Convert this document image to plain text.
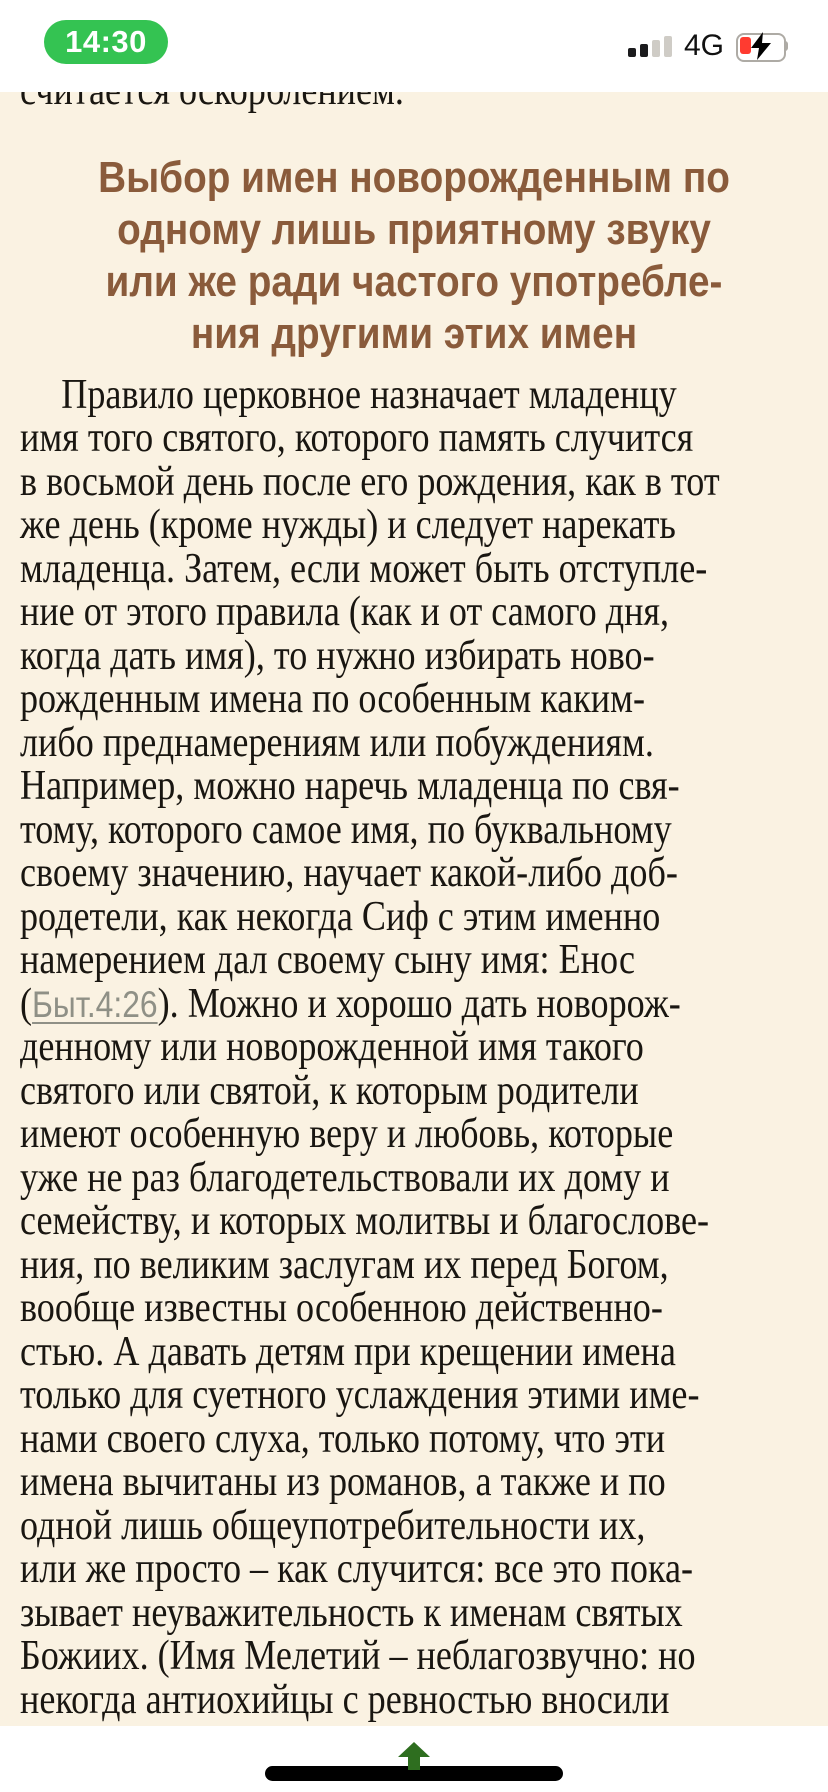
14:30	4G
Выбор имен новорожденным по
одному лишь приятному звуку
или же ради частого употребле-
ния другими этих имен
Правило церковное назначает младенцу
имя того святого, которого память случится
в восьмой день после его рождения, как в тот
же день (кроме нужды) и следует нарекать
младенца. Затем, если может быть отступле-
ние от этого правила (как и от самого дня,
когда дать имя), то нужно избирать ново-
рожденным имена по особенным каким-
либо преднамерениям или побуждениям.
Например, можно наречь младенца по свя-
тому, которого самое имя, по буквальному
своему значению, научает какой-либо доб-
родетели, как некогда Сиф с этим именно
намерением дал своему сыну имя: Енос
(Быт.4:26). Можно и хорошо дать новорож-
денному или новорожденной имя такого
святого или святой, к которым родители
имеют особенную веру и любовь, которые
уже не раз благодетельствовали их дому и
семейству, и которых молитвы и благослове-
ния, по великим заслугам их перед Богом,
вообще известны особенною действенно-
стью. А давать детям при крещении имена
только для суетного услаждения этими име-
нами своего слуха, только потому, что эти
имена вычитаны из романов, а также и по
одной лишь общеупотребительности их,
или же просто – как случится: все это пока-
зывает неуважительность к именам святых
Божиих. (Имя Мелетий – неблагозвучно: но
некогда антиохийцы с ревностью вносили
